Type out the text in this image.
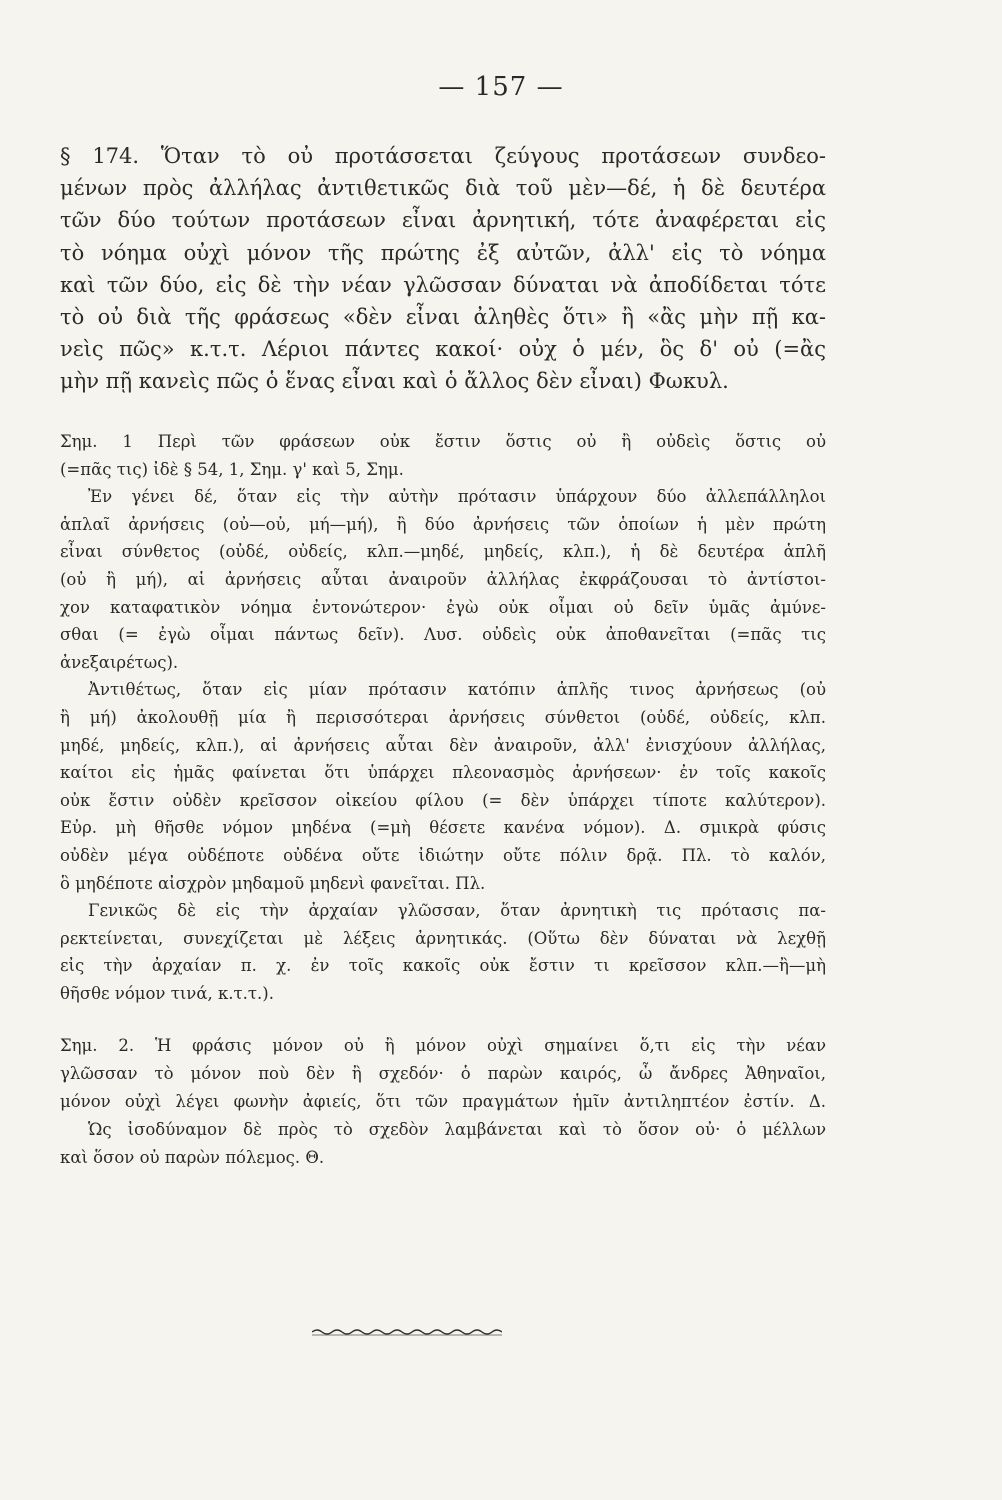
— 157 —
§ 174. Ὅταν τὸ οὐ προτάσσεται ζεύγους προτάσεων συνδεο-
μένων πρὸς ἀλλήλας ἀντιθετικῶς διὰ τοῦ μὲν—δέ, ἡ δὲ δευτέρα
τῶν δύο τούτων προτάσεων εἶναι ἀρνητική, τότε ἀναφέρεται εἰς
τὸ νόημα οὐχὶ μόνον τῆς πρώτης ἐξ αὐτῶν, ἀλλ' εἰς τὸ νόημα
καὶ τῶν δύο, εἰς δὲ τὴν νέαν γλῶσσαν δύναται νὰ ἀποδίδεται τότε
τὸ οὐ διὰ τῆς φράσεως «δὲν εἶναι ἀληθὲς ὅτι» ἢ «ἂς μὴν πῇ κα-
νεὶς πῶς» κ.τ.τ. Λέριοι πάντες κακοί· οὐχ ὁ μέν, ὃς δ' οὐ (=ἂς
μὴν πῇ κανεὶς πῶς ὁ ἕνας εἶναι καὶ ὁ ἄλλος δὲν εἶναι) Φωκυλ.
Σημ. 1 Περὶ τῶν φράσεων οὐκ ἔστιν ὅστις οὐ ἢ οὐδεὶς ὅστις οὐ
(=πᾶς τις) ἰδὲ § 54, 1, Σημ. γ' καὶ 5, Σημ.
Ἐν γένει δέ, ὅταν εἰς τὴν αὐτὴν πρότασιν ὑπάρχουν δύο ἀλλεπάλληλοι
ἁπλαῖ ἀρνήσεις (οὐ—οὐ, μή—μή), ἢ δύο ἀρνήσεις τῶν ὁποίων ἡ μὲν πρώτη
εἶναι σύνθετος (οὐδέ, οὐδείς, κλπ.—μηδέ, μηδείς, κλπ.), ἡ δὲ δευτέρα ἁπλῆ
(οὐ ἢ μή), αἱ ἀρνήσεις αὗται ἀναιροῦν ἀλλήλας ἐκφράζουσαι τὸ ἀντίστοι-
χον καταφατικὸν νόημα ἐντονώτερον· ἐγὼ οὐκ οἶμαι οὐ δεῖν ὑμᾶς ἀμύνε-
σθαι (= ἐγὼ οἶμαι πάντως δεῖν). Λυσ. οὐδεὶς οὐκ ἀποθανεῖται (=πᾶς τις
ἀνεξαιρέτως).
Ἀντιθέτως, ὅταν εἰς μίαν πρότασιν κατόπιν ἁπλῆς τινος ἀρνήσεως (οὐ
ἢ μή) ἀκολουθῇ μία ἢ περισσότεραι ἀρνήσεις σύνθετοι (οὐδέ, οὐδείς, κλπ.
μηδέ, μηδείς, κλπ.), αἱ ἀρνήσεις αὗται δὲν ἀναιροῦν, ἀλλ' ἐνισχύουν ἀλλήλας,
καίτοι εἰς ἡμᾶς φαίνεται ὅτι ὑπάρχει πλεονασμὸς ἀρνήσεων· ἐν τοῖς κακοῖς
οὐκ ἔστιν οὐδὲν κρεῖσσον οἰκείου φίλου (= δὲν ὑπάρχει τίποτε καλύτερον).
Εὐρ. μὴ θῆσθε νόμον μηδένα (=μὴ θέσετε κανένα νόμον). Δ. σμικρὰ φύσις
οὐδὲν μέγα οὐδέποτε οὐδένα οὔτε ἰδιώτην οὔτε πόλιν δρᾷ. Πλ. τὸ καλόν,
ὃ μηδέποτε αἰσχρὸν μηδαμοῦ μηδενὶ φανεῖται. Πλ.
Γενικῶς δὲ εἰς τὴν ἀρχαίαν γλῶσσαν, ὅταν ἀρνητικὴ τις πρότασις πα-
ρεκτείνεται, συνεχίζεται μὲ λέξεις ἀρνητικάς. (Οὕτω δὲν δύναται νὰ λεχθῇ
εἰς τὴν ἀρχαίαν π. χ. ἐν τοῖς κακοῖς οὐκ ἔστιν τι κρεῖσσον κλπ.—ἢ—μὴ
θῆσθε νόμον τινά, κ.τ.τ.).
Σημ. 2. Ἡ φράσις μόνον οὐ ἢ μόνον οὐχὶ σημαίνει ὅ,τι εἰς τὴν νέαν
γλῶσσαν τὸ μόνον ποὺ δὲν ἢ σχεδόν· ὁ παρὼν καιρός, ὦ ἄνδρες Ἀθηναῖοι,
μόνον οὐχὶ λέγει φωνὴν ἀφιείς, ὅτι τῶν πραγμάτων ἡμῖν ἀντιληπτέον ἐστίν. Δ.
Ὡς ἰσοδύναμον δὲ πρὸς τὸ σχεδὸν λαμβάνεται καὶ τὸ ὅσον οὐ· ὁ μέλλων
καὶ ὅσον οὐ παρὼν πόλεμος. Θ.
